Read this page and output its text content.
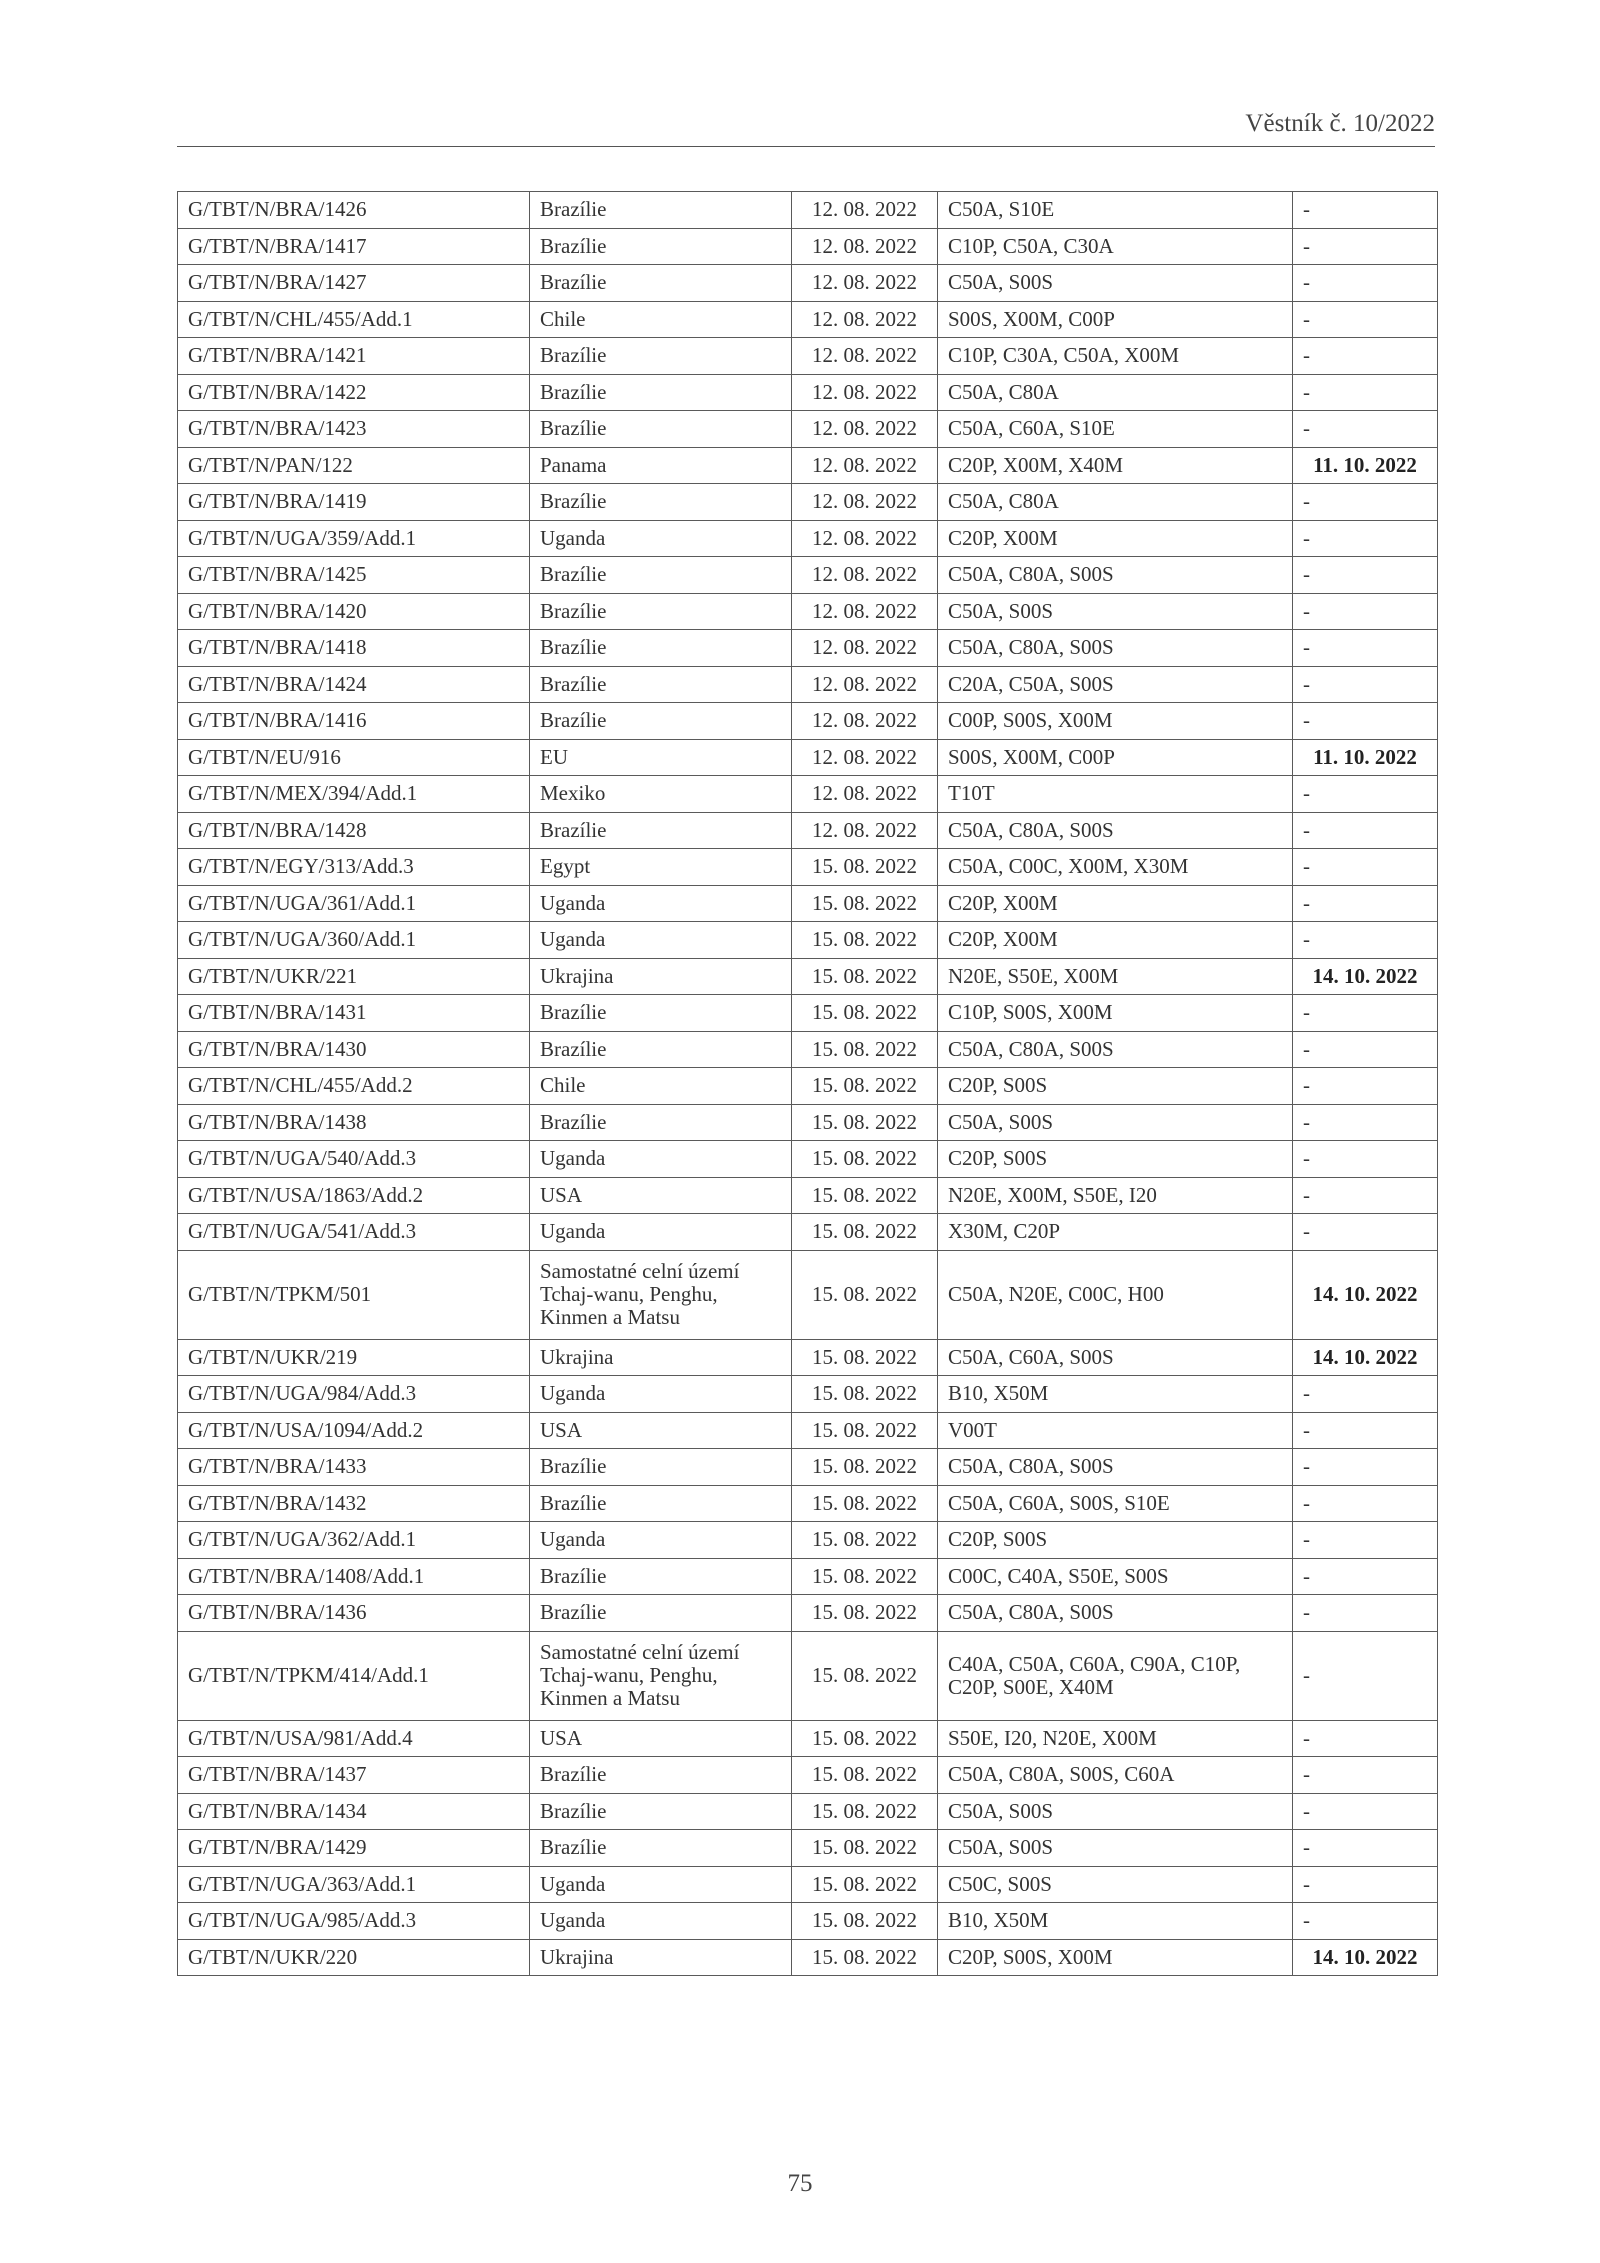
Věstník č. 10/2022
G/TBT/N/BRA/1426	Brazílie	12. 08. 2022	C50A, S10E	-
G/TBT/N/BRA/1417	Brazílie	12. 08. 2022	C10P, C50A, C30A	-
G/TBT/N/BRA/1427	Brazílie	12. 08. 2022	C50A, S00S	-
G/TBT/N/CHL/455/Add.1	Chile	12. 08. 2022	S00S, X00M, C00P	-
G/TBT/N/BRA/1421	Brazílie	12. 08. 2022	C10P, C30A, C50A, X00M	-
G/TBT/N/BRA/1422	Brazílie	12. 08. 2022	C50A, C80A	-
G/TBT/N/BRA/1423	Brazílie	12. 08. 2022	C50A, C60A, S10E	-
G/TBT/N/PAN/122	Panama	12. 08. 2022	C20P, X00M, X40M	11. 10. 2022
G/TBT/N/BRA/1419	Brazílie	12. 08. 2022	C50A, C80A	-
G/TBT/N/UGA/359/Add.1	Uganda	12. 08. 2022	C20P, X00M	-
G/TBT/N/BRA/1425	Brazílie	12. 08. 2022	C50A, C80A, S00S	-
G/TBT/N/BRA/1420	Brazílie	12. 08. 2022	C50A, S00S	-
G/TBT/N/BRA/1418	Brazílie	12. 08. 2022	C50A, C80A, S00S	-
G/TBT/N/BRA/1424	Brazílie	12. 08. 2022	C20A, C50A, S00S	-
G/TBT/N/BRA/1416	Brazílie	12. 08. 2022	C00P, S00S, X00M	-
G/TBT/N/EU/916	EU	12. 08. 2022	S00S, X00M, C00P	11. 10. 2022
G/TBT/N/MEX/394/Add.1	Mexiko	12. 08. 2022	T10T	-
G/TBT/N/BRA/1428	Brazílie	12. 08. 2022	C50A, C80A, S00S	-
G/TBT/N/EGY/313/Add.3	Egypt	15. 08. 2022	C50A, C00C, X00M, X30M	-
G/TBT/N/UGA/361/Add.1	Uganda	15. 08. 2022	C20P, X00M	-
G/TBT/N/UGA/360/Add.1	Uganda	15. 08. 2022	C20P, X00M	-
G/TBT/N/UKR/221	Ukrajina	15. 08. 2022	N20E, S50E, X00M	14. 10. 2022
G/TBT/N/BRA/1431	Brazílie	15. 08. 2022	C10P, S00S, X00M	-
G/TBT/N/BRA/1430	Brazílie	15. 08. 2022	C50A, C80A, S00S	-
G/TBT/N/CHL/455/Add.2	Chile	15. 08. 2022	C20P, S00S	-
G/TBT/N/BRA/1438	Brazílie	15. 08. 2022	C50A, S00S	-
G/TBT/N/UGA/540/Add.3	Uganda	15. 08. 2022	C20P, S00S	-
G/TBT/N/USA/1863/Add.2	USA	15. 08. 2022	N20E, X00M, S50E, I20	-
G/TBT/N/UGA/541/Add.3	Uganda	15. 08. 2022	X30M, C20P	-
G/TBT/N/TPKM/501	Samostatné celní území Tchaj-wanu, Penghu, Kinmen a Matsu	15. 08. 2022	C50A, N20E, C00C, H00	14. 10. 2022
G/TBT/N/UKR/219	Ukrajina	15. 08. 2022	C50A, C60A, S00S	14. 10. 2022
G/TBT/N/UGA/984/Add.3	Uganda	15. 08. 2022	B10, X50M	-
G/TBT/N/USA/1094/Add.2	USA	15. 08. 2022	V00T	-
G/TBT/N/BRA/1433	Brazílie	15. 08. 2022	C50A, C80A, S00S	-
G/TBT/N/BRA/1432	Brazílie	15. 08. 2022	C50A, C60A, S00S, S10E	-
G/TBT/N/UGA/362/Add.1	Uganda	15. 08. 2022	C20P, S00S	-
G/TBT/N/BRA/1408/Add.1	Brazílie	15. 08. 2022	C00C, C40A, S50E, S00S	-
G/TBT/N/BRA/1436	Brazílie	15. 08. 2022	C50A, C80A, S00S	-
G/TBT/N/TPKM/414/Add.1	Samostatné celní území Tchaj-wanu, Penghu, Kinmen a Matsu	15. 08. 2022	C40A, C50A, C60A, C90A, C10P, C20P, S00E, X40M	-
G/TBT/N/USA/981/Add.4	USA	15. 08. 2022	S50E, I20, N20E, X00M	-
G/TBT/N/BRA/1437	Brazílie	15. 08. 2022	C50A, C80A, S00S, C60A	-
G/TBT/N/BRA/1434	Brazílie	15. 08. 2022	C50A, S00S	-
G/TBT/N/BRA/1429	Brazílie	15. 08. 2022	C50A, S00S	-
G/TBT/N/UGA/363/Add.1	Uganda	15. 08. 2022	C50C, S00S	-
G/TBT/N/UGA/985/Add.3	Uganda	15. 08. 2022	B10, X50M	-
G/TBT/N/UKR/220	Ukrajina	15. 08. 2022	C20P, S00S, X00M	14. 10. 2022
75
